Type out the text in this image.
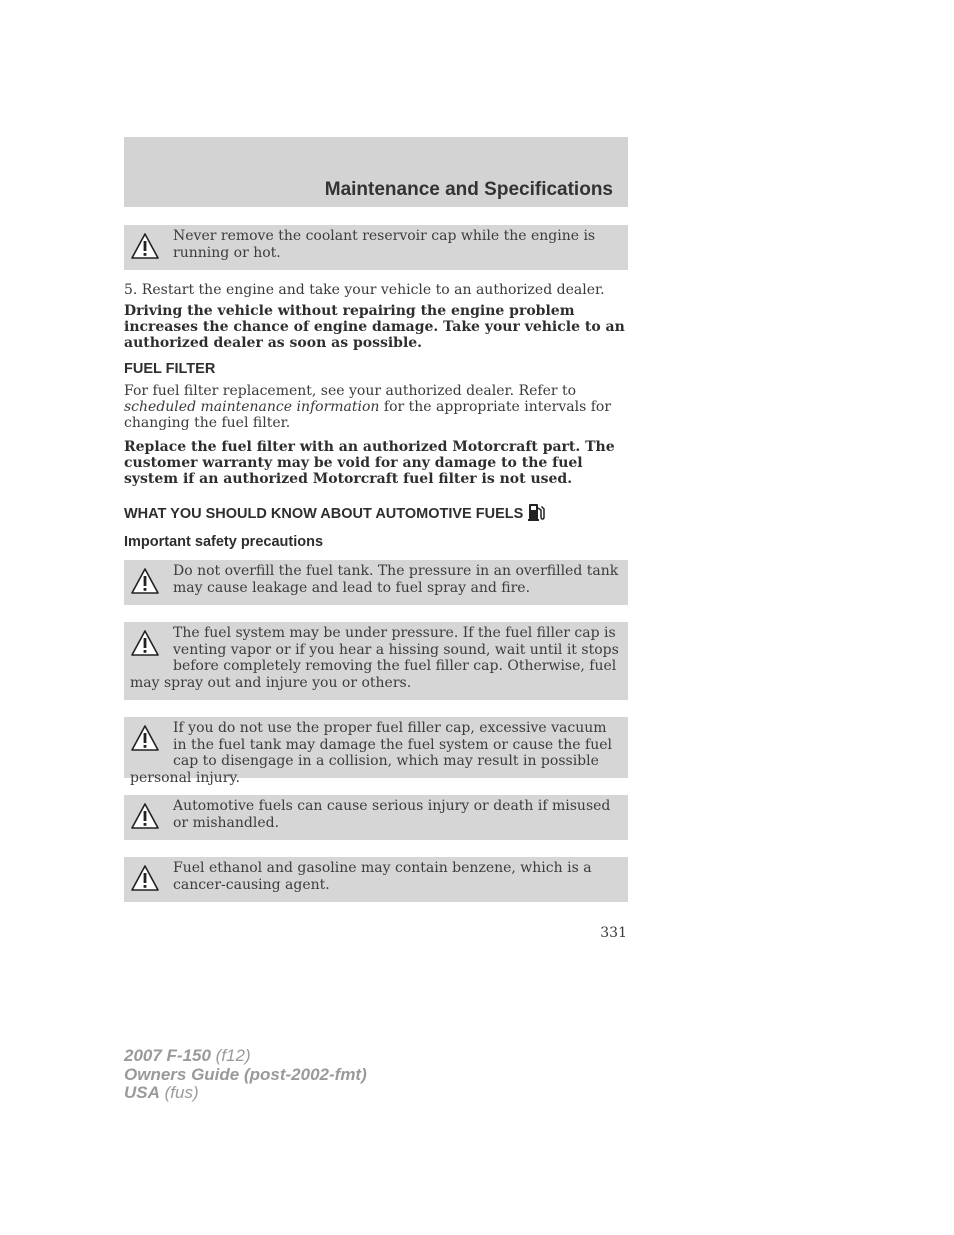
Maintenance and Specifications
Never remove the coolant reservoir cap while the engine is running or hot.
5. Restart the engine and take your vehicle to an authorized dealer.
Driving the vehicle without repairing the engine problem increases the chance of engine damage. Take your vehicle to an authorized dealer as soon as possible.
FUEL FILTER
For fuel filter replacement, see your authorized dealer. Refer to scheduled maintenance information for the appropriate intervals for changing the fuel filter.
Replace the fuel filter with an authorized Motorcraft part. The customer warranty may be void for any damage to the fuel system if an authorized Motorcraft fuel filter is not used.
WHAT YOU SHOULD KNOW ABOUT AUTOMOTIVE FUELS
Important safety precautions
Do not overfill the fuel tank. The pressure in an overfilled tank may cause leakage and lead to fuel spray and fire.
The fuel system may be under pressure. If the fuel filler cap is venting vapor or if you hear a hissing sound, wait until it stops before completely removing the fuel filler cap. Otherwise, fuel may spray out and injure you or others.
If you do not use the proper fuel filler cap, excessive vacuum in the fuel tank may damage the fuel system or cause the fuel cap to disengage in a collision, which may result in possible personal injury.
Automotive fuels can cause serious injury or death if misused or mishandled.
Fuel ethanol and gasoline may contain benzene, which is a cancer-causing agent.
331
2007 F-150 (f12)
Owners Guide (post-2002-fmt)
USA (fus)
